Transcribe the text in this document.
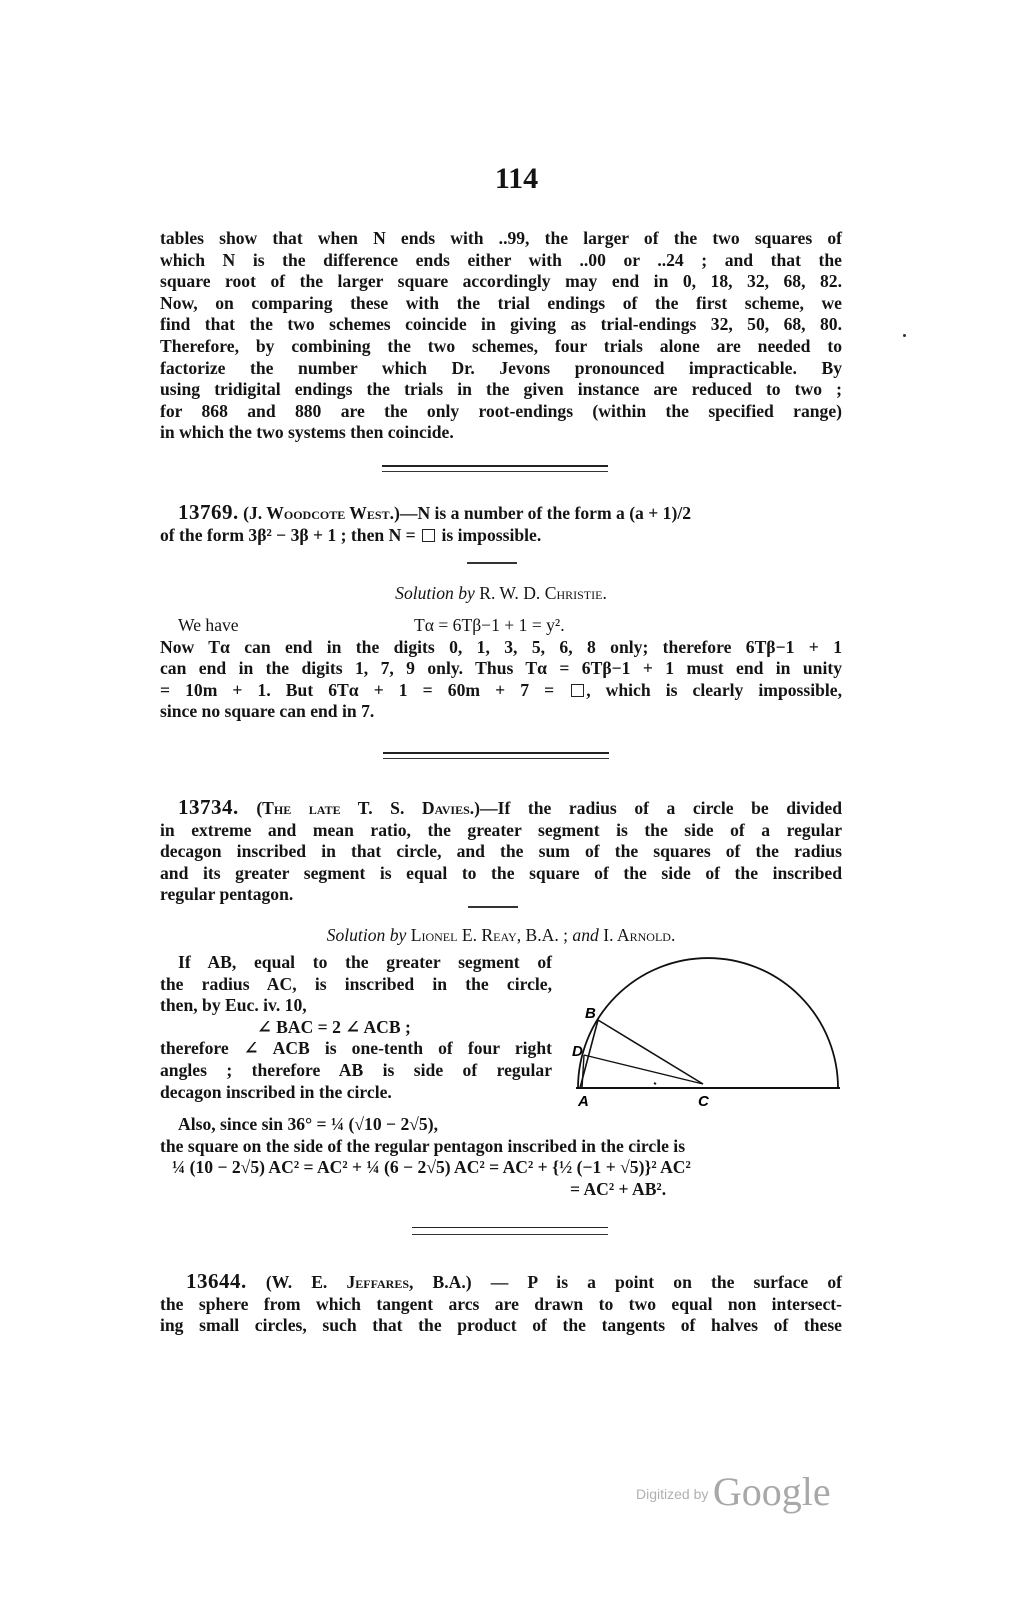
114
tables show that when N ends with ..99, the larger of the two squares of
which N is the difference ends either with ..00 or ..24 ; and that the
square root of the larger square accordingly may end in 0, 18, 32, 68, 82.
Now, on comparing these with the trial endings of the first scheme, we
find that the two schemes coincide in giving as trial-endings 32, 50, 68, 80.
Therefore, by combining the two schemes, four trials alone are needed to
factorize the number which Dr. Jevons pronounced impracticable. By
using tridigital endings the trials in the given instance are reduced to two ;
for 868 and 880 are the only root-endings (within the specified range)
in which the two systems then coincide.
13769. (J. Woodcote West.)—N is a number of the form a (a + 1)/2
of the form 3β² − 3β + 1 ; then N =  is impossible.
Solution by R. W. D. Christie.
We have	Tα = 6Tβ−1 + 1 = y².
Now Tα can end in the digits 0, 1, 3, 5, 6, 8 only; therefore 6Tβ−1 + 1
can end in the digits 1, 7, 9 only. Thus Tα = 6Tβ−1 + 1 must end in unity
= 10m + 1. But 6Tα + 1 = 60m + 7 = , which is clearly impossible,
since no square can end in 7.
13734. (The late T. S. Davies.)—If the radius of a circle be divided
in extreme and mean ratio, the greater segment is the side of a regular
decagon inscribed in that circle, and the sum of the squares of the radius
and its greater segment is equal to the square of the side of the inscribed
regular pentagon.
Solution by Lionel E. Reay, B.A. ; and I. Arnold.
If AB, equal to the greater segment of
the radius AC, is inscribed in the circle,
then, by Euc. iv. 10,
∠ BAC = 2 ∠ ACB ;
therefore ∠ ACB is one-tenth of four right
angles ; therefore AB is side of regular
decagon inscribed in the circle.
B
D
A	C
Also, since sin 36° = ¼ (√10 − 2√5),
the square on the side of the regular pentagon inscribed in the circle is
¼ (10 − 2√5) AC² = AC² + ¼ (6 − 2√5) AC² = AC² + {½ (−1 + √5)}² AC²
= AC² + AB².
13644. (W. E. Jeffares, B.A.) — P is a point on the surface of
the sphere from which tangent arcs are drawn to two equal non intersect-
ing small circles, such that the product of the tangents of halves of these
Digitized by Google
